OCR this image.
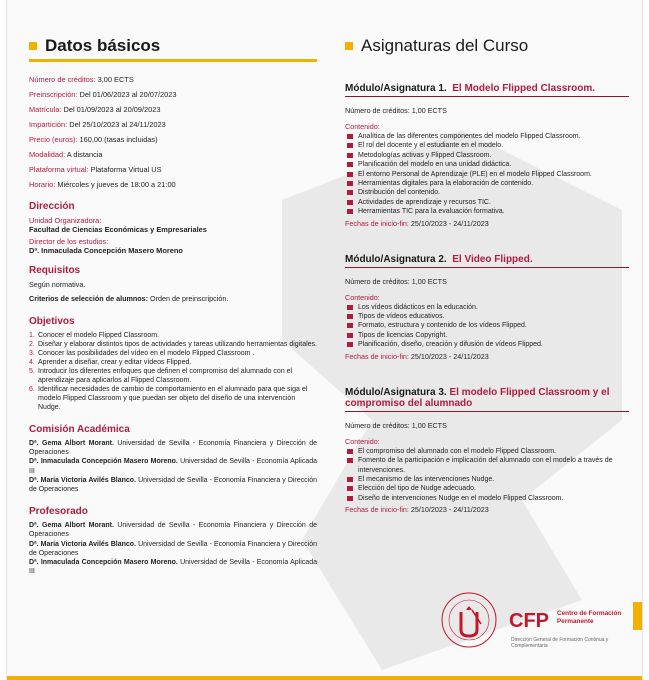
Datos básicos
Número de créditos: 3,00 ECTS
Preinscripción: Del 01/06/2023 al 20/07/2023
Matrícula: Del 01/09/2023 al 20/09/2023
Impartición: Del 25/10/2023 al 24/11/2023
Precio (euros): 160,00 (tasas incluidas)
Modalidad: A distancia
Plataforma virtual: Plataforma Virtual US
Horario: Miércoles y jueves de 18:00 a 21:00
Dirección
Unidad Organizadora:
Facultad de Ciencias Económicas y Empresariales
Director de los estudios:
Dª. Inmaculada Concepción Masero Moreno
Requisitos
Según normativa.
Criterios de selección de alumnos: Orden de preinscripción.
Objetivos
1. Conocer el modelo Flipped Classroom.
2. Diseñar y elaborar distintos tipos de actividades y tareas utilizando herramientas digitales.
3. Conocer las posibilidades del vídeo en el modelo Flipped Classroom .
4. Aprender a diseñar, crear y editar vídeos Flipped.
5. Introducir los diferentes enfoques que definen el compromiso del alumnado con el aprendizaje para aplicarlos al Flipped Classroom.
6. Identificar necesidades de cambio de comportamiento en el alumnado para que siga el modelo Flipped Classroom y que puedan ser objeto del diseño de una intervención Nudge.
Comisión Académica
Dª. Gema Albort Morant. Universidad de Sevilla - Economía Financiera y Dirección de Operaciones
Dª. Inmaculada Concepción Masero Moreno. Universidad de Sevilla - Economía Aplicada III
Dª. María Victoria Avilés Blanco. Universidad de Sevilla - Economía Financiera y Dirección de Operaciones
Profesorado
Dª. Gema Albort Morant. Universidad de Sevilla - Economía Financiera y Dirección de Operaciones
Dª. María Victoria Avilés Blanco. Universidad de Sevilla - Economía Financiera y Dirección de Operaciones
Dª. Inmaculada Concepción Masero Moreno. Universidad de Sevilla - Economía Aplicada III
Asignaturas del Curso
Módulo/Asignatura 1. El Modelo Flipped Classroom.
Número de créditos: 1,00 ECTS
Contenido:
Analítica de las diferentes componentes del modelo Flipped Classroom.
El rol del docente y el estudiante en el modelo.
Metodologías activas y Flipped Classroom.
Planificación del modelo en una unidad didáctica.
El entorno Personal de Aprendizaje (PLE) en el modelo Flipped Classroom.
Herramientas digitales para la elaboración de contenido.
Distribución del contenido.
Actividades de aprendizaje y recursos TIC.
Herramientas TIC para la evaluación formativa.
Fechas de inicio-fin: 25/10/2023 - 24/11/2023
Módulo/Asignatura 2. El Video Flipped.
Número de créditos: 1,00 ECTS
Contenido:
Los vídeos didácticos en la educación.
Tipos de vídeos educativos.
Formato, estructura y contenido de los vídeos Flipped.
Tipos de licencias Copyright.
Planificación, diseño, creación y difusión de vídeos Flipped.
Fechas de inicio-fin: 25/10/2023 - 24/11/2023
Módulo/Asignatura 3. El modelo Flipped Classroom y el compromiso del alumnado
Número de créditos: 1,00 ECTS
Contenido:
El compromiso del alumnado con el modelo Flipped Classroom.
Fomento de la participación e implicación del alumnado con el modelo a través de intervenciones.
El mecanismo de las intervenciones Nudge.
Elección del tipo de Nudge adecuado.
Diseño de intervenciones Nudge en el modelo Flipped Classroom.
Fechas de inicio-fin: 25/10/2023 - 24/11/2023
CFP Centro de Formación Permanente
Dirección General de Formación Continua y Complementaria
